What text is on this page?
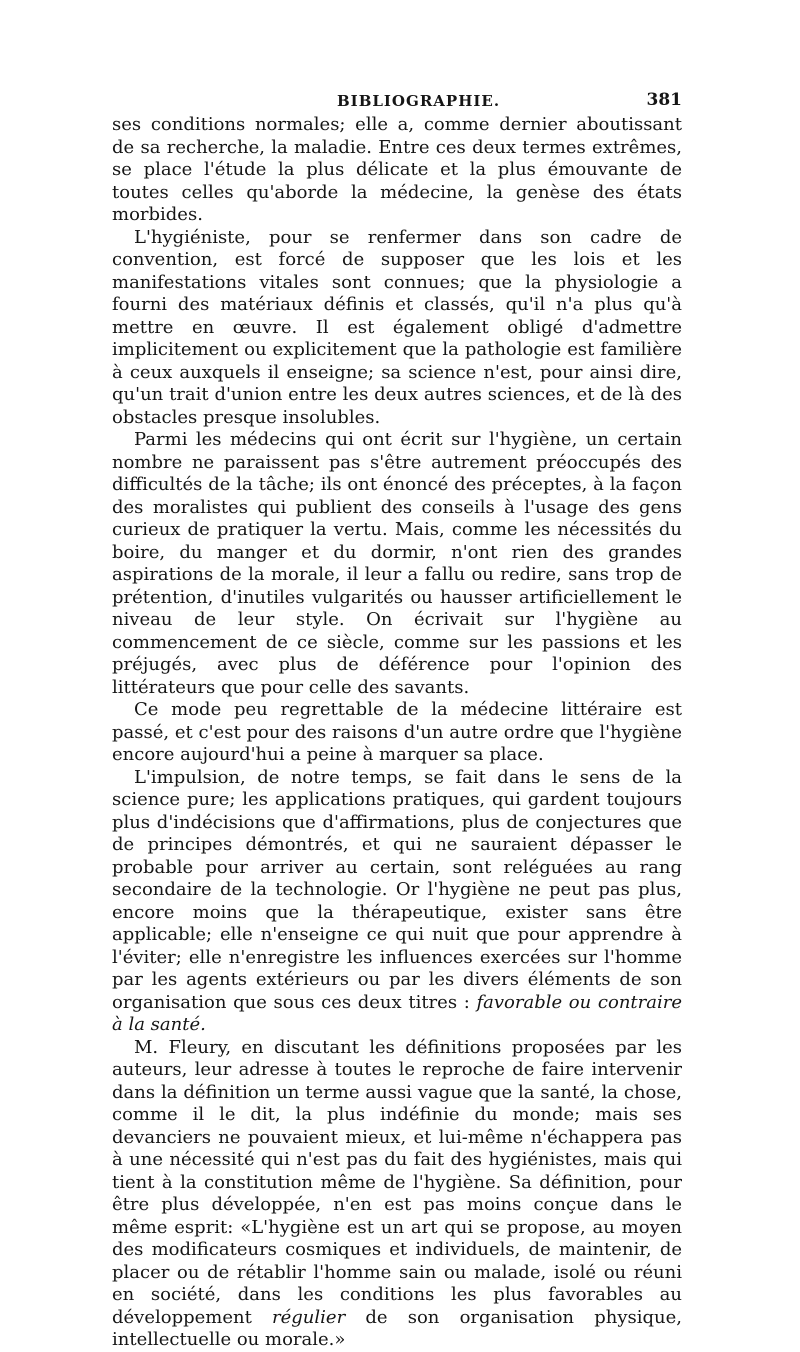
BIBLIOGRAPHIE.	381

ses conditions normales; elle a, comme dernier aboutissant de sa recherche, la maladie. Entre ces deux termes extrêmes, se place l'étude la plus délicate et la plus émouvante de toutes celles qu'aborde la médecine, la genèse des états morbides.

L'hygiéniste, pour se renfermer dans son cadre de convention, est forcé de supposer que les lois et les manifestations vitales sont connues; que la physiologie a fourni des matériaux définis et classés, qu'il n'a plus qu'à mettre en œuvre. Il est également obligé d'admettre implicitement ou explicitement que la pathologie est familière à ceux auxquels il enseigne; sa science n'est, pour ainsi dire, qu'un trait d'union entre les deux autres sciences, et de là des obstacles presque insolubles.

Parmi les médecins qui ont écrit sur l'hygiène, un certain nombre ne paraissent pas s'être autrement préoccupés des difficultés de la tâche; ils ont énoncé des préceptes, à la façon des moralistes qui publient des conseils à l'usage des gens curieux de pratiquer la vertu. Mais, comme les nécessités du boire, du manger et du dormir, n'ont rien des grandes aspirations de la morale, il leur a fallu ou redire, sans trop de prétention, d'inutiles vulgarités ou hausser artificiellement le niveau de leur style. On écrivait sur l'hygiène au commencement de ce siècle, comme sur les passions et les préjugés, avec plus de déférence pour l'opinion des littérateurs que pour celle des savants.

Ce mode peu regrettable de la médecine littéraire est passé, et c'est pour des raisons d'un autre ordre que l'hygiène encore aujourd'hui a peine à marquer sa place.

L'impulsion, de notre temps, se fait dans le sens de la science pure; les applications pratiques, qui gardent toujours plus d'indécisions que d'affirmations, plus de conjectures que de principes démontrés, et qui ne sauraient dépasser le probable pour arriver au certain, sont reléguées au rang secondaire de la technologie. Or l'hygiène ne peut pas plus, encore moins que la thérapeutique, exister sans être applicable; elle n'enseigne ce qui nuit que pour apprendre à l'éviter; elle n'enregistre les influences exercées sur l'homme par les agents extérieurs ou par les divers éléments de son organisation que sous ces deux titres : favorable ou contraire à la santé.

M. Fleury, en discutant les définitions proposées par les auteurs, leur adresse à toutes le reproche de faire intervenir dans la définition un terme aussi vague que la santé, la chose, comme il le dit, la plus indéfinie du monde; mais ses devanciers ne pouvaient mieux, et lui-même n'échappera pas à une nécessité qui n'est pas du fait des hygiénistes, mais qui tient à la constitution même de l'hygiène. Sa définition, pour être plus développée, n'en est pas moins conçue dans le même esprit: «L'hygiène est un art qui se propose, au moyen des modificateurs cosmiques et individuels, de maintenir, de placer ou de rétablir l'homme sain ou malade, isolé ou réuni en société, dans les conditions les plus favorables au développement régulier de son organisation physique, intellectuelle ou morale.»
